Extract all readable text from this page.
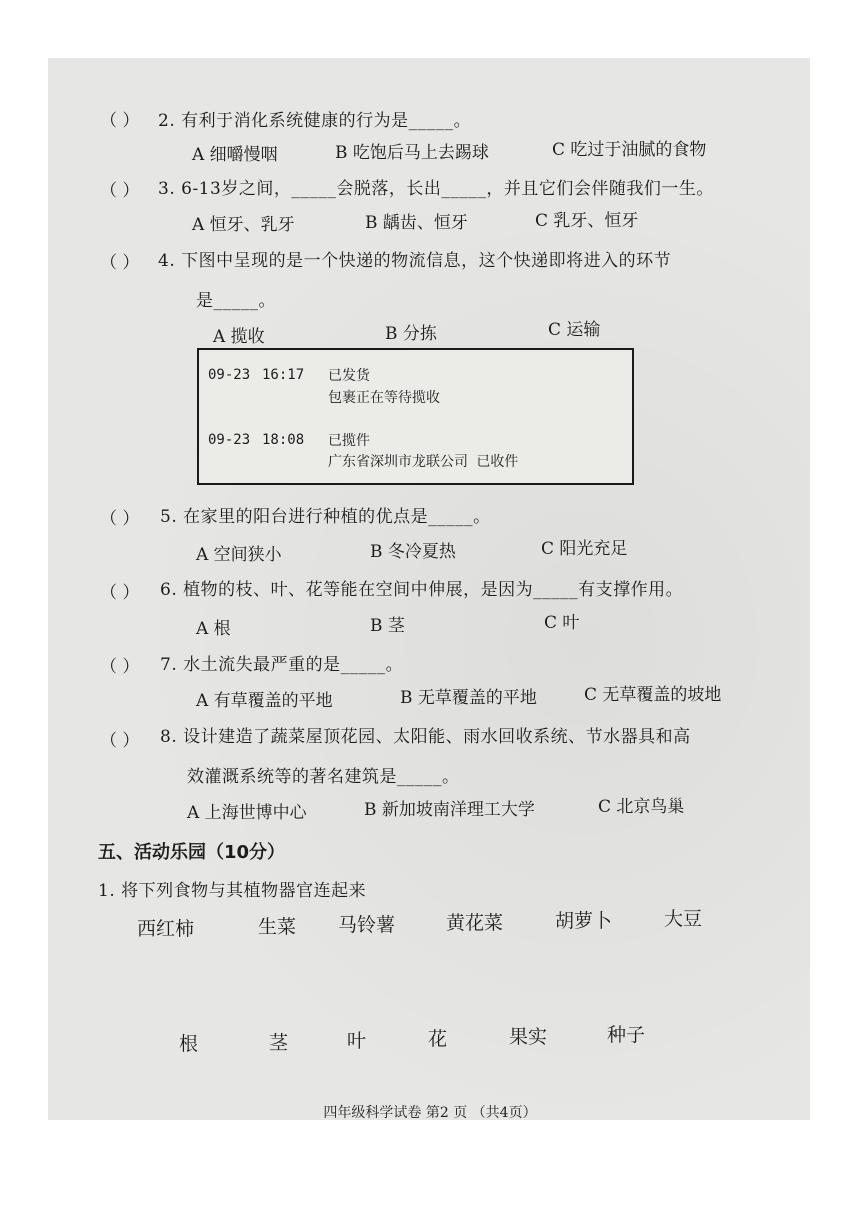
（ ） 2. 有利于消化系统健康的行为是_____。
A 细嚼慢咽	B 吃饱后马上去踢球	C 吃过于油腻的食物
（ ） 3. 6-13岁之间，_____会脱落，长出_____，并且它们会伴随我们一生。
A 恒牙、乳牙	B 龋齿、恒牙	C 乳牙、恒牙
（ ） 4. 下图中呈现的是一个快递的物流信息，这个快递即将进入的环节
是_____。
A 揽收	B 分拣	C 运输
09-23 16:17 已发货
包裹正在等待揽收
09-23 18:08 已揽件
广东省深圳市龙联公司 已收件
（ ） 5. 在家里的阳台进行种植的优点是_____。
A 空间狭小	B 冬冷夏热	C 阳光充足
（ ） 6. 植物的枝、叶、花等能在空间中伸展，是因为_____有支撑作用。
A 根	B 茎	C 叶
（ ） 7. 水土流失最严重的是_____。
A 有草覆盖的平地	B 无草覆盖的平地	C 无草覆盖的坡地
（ ） 8. 设计建造了蔬菜屋顶花园、太阳能、雨水回收系统、节水器具和高
效灌溉系统等的著名建筑是_____。
A 上海世博中心	B 新加坡南洋理工大学	C 北京鸟巢
五、活动乐园（10分）
1. 将下列食物与其植物器官连起来
西红柿	生菜 马铃薯	黄花菜	胡萝卜	大豆
根	茎	叶	花	果实	种子
四年级科学试卷 第2 页 （共4页）
